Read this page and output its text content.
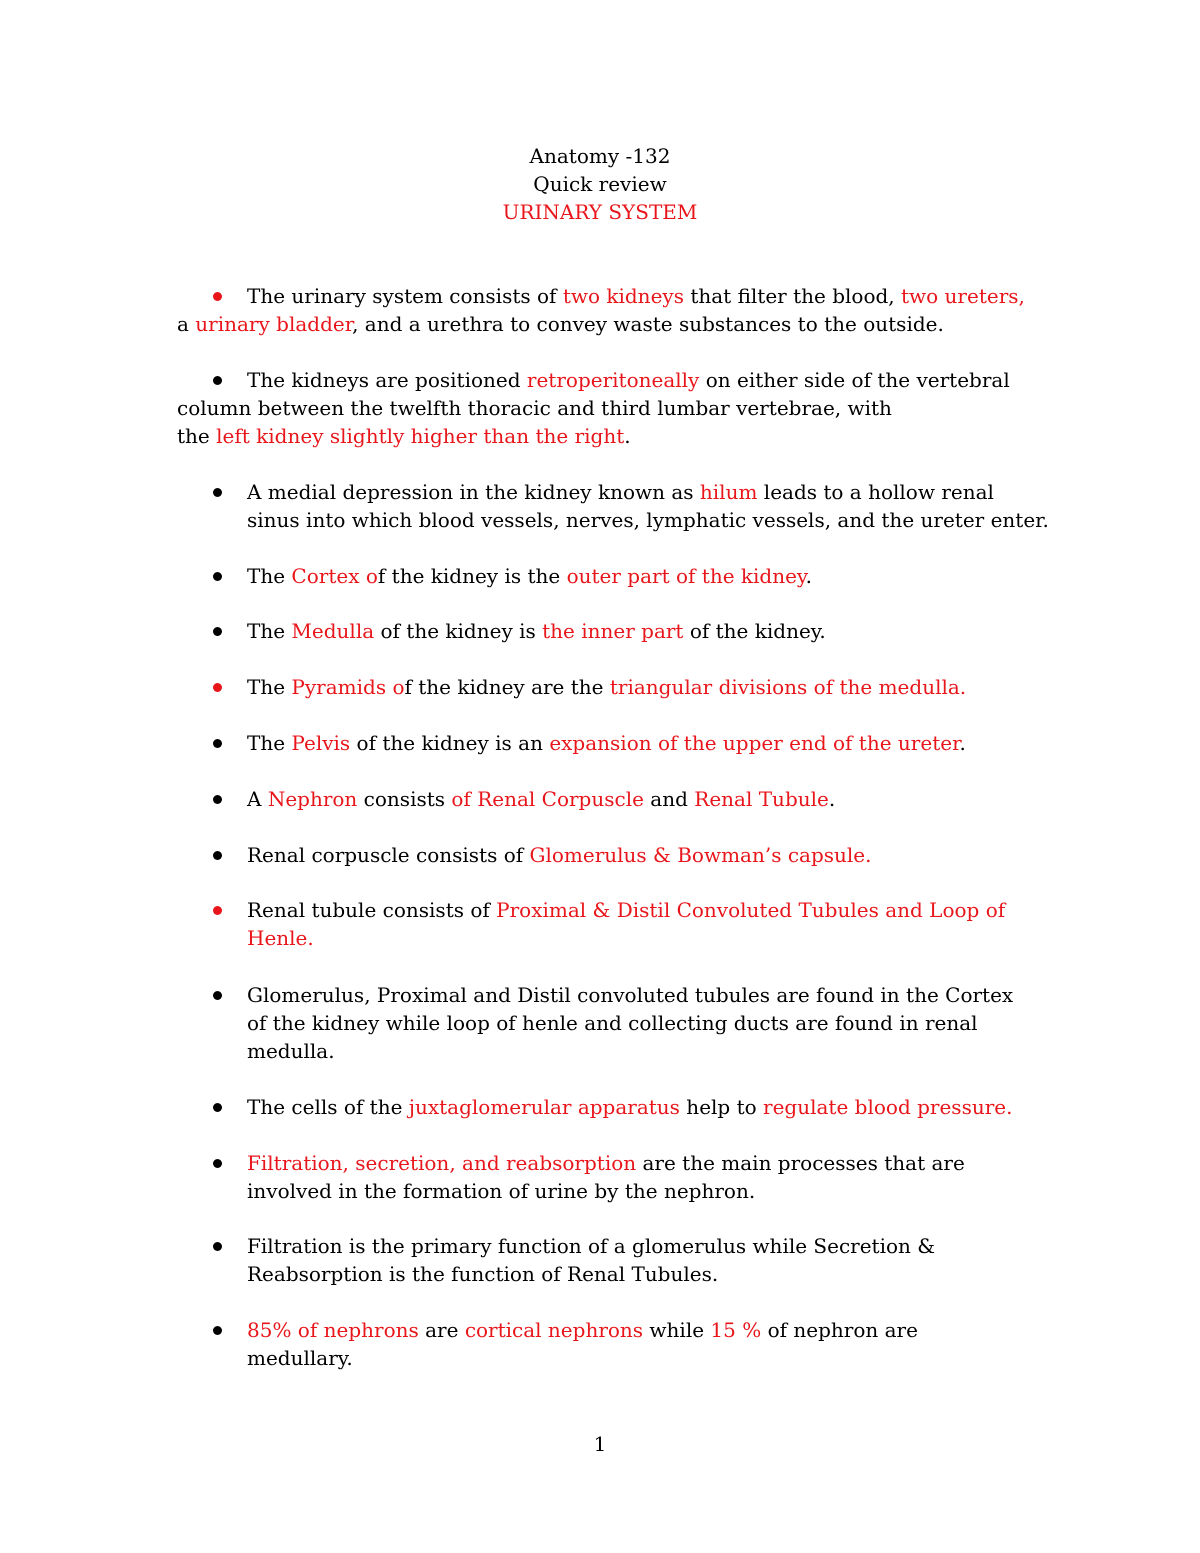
Anatomy -132
Quick review
URINARY SYSTEM
The urinary system consists of two kidneys that filter the blood, two ureters,
a urinary bladder, and a urethra to convey waste substances to the outside.
The kidneys are positioned retroperitoneally on either side of the vertebral
column between the twelfth thoracic and third lumbar vertebrae, with
the left kidney slightly higher than the right.
A medial depression in the kidney known as hilum leads to a hollow renal
sinus into which blood vessels, nerves, lymphatic vessels, and the ureter enter.
The Cortex of the kidney is the outer part of the kidney.
The Medulla of the kidney is the inner part of the kidney.
The Pyramids of the kidney are the triangular divisions of the medulla.
The Pelvis of the kidney is an expansion of the upper end of the ureter.
A Nephron consists of Renal Corpuscle and Renal Tubule.
Renal corpuscle consists of Glomerulus & Bowman’s capsule.
Renal tubule consists of Proximal & Distil Convoluted Tubules and Loop of
Henle.
Glomerulus, Proximal and Distil convoluted tubules are found in the Cortex
of the kidney while loop of henle and collecting ducts are found in renal
medulla.
The cells of the juxtaglomerular apparatus help to regulate blood pressure.
Filtration, secretion, and reabsorption are the main processes that are
involved in the formation of urine by the nephron.
Filtration is the primary function of a glomerulus while Secretion &
Reabsorption is the function of Renal Tubules.
85% of nephrons are cortical nephrons while 15 % of nephron are
medullary.
1
